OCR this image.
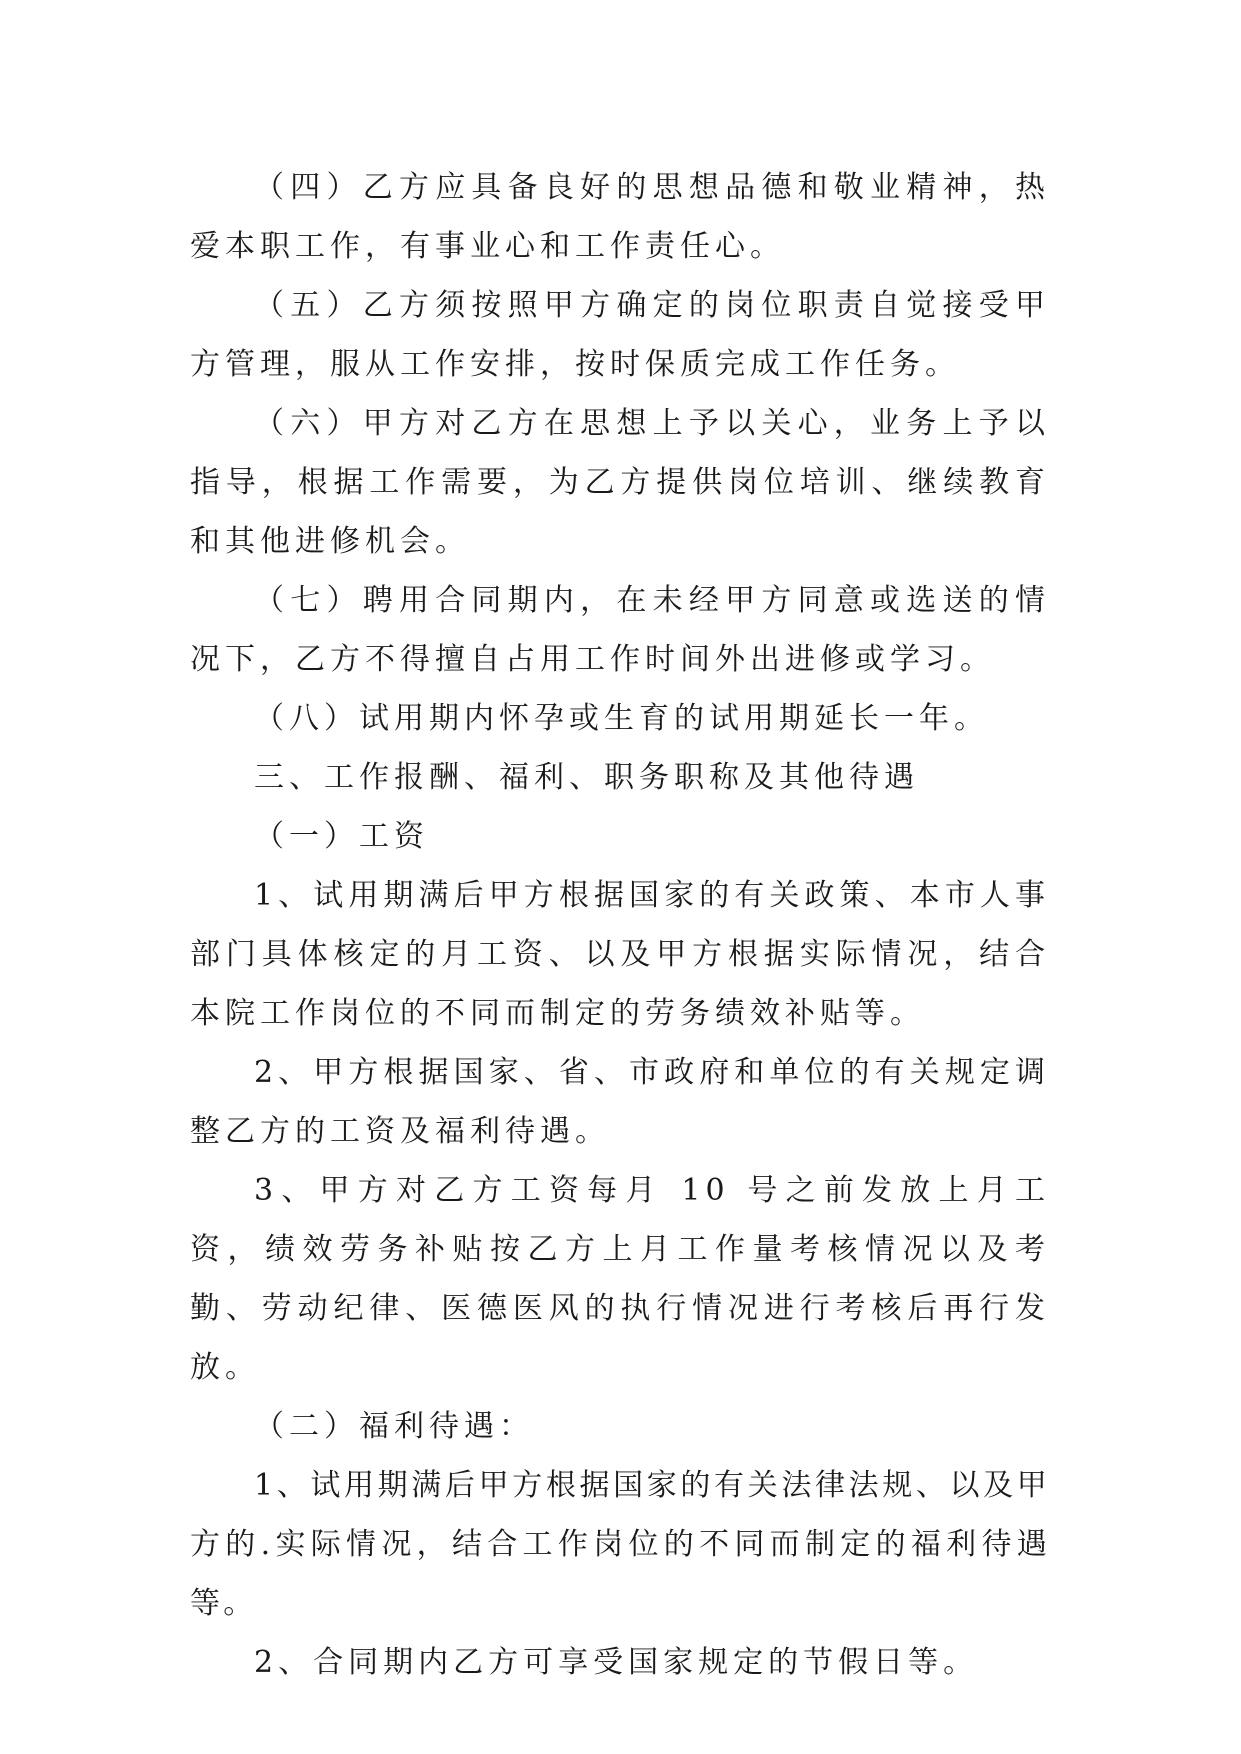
（四）乙方应具备良好的思想品德和敬业精神，热爱本职工作，有事业心和工作责任心。

（五）乙方须按照甲方确定的岗位职责自觉接受甲方管理，服从工作安排，按时保质完成工作任务。

（六）甲方对乙方在思想上予以关心，业务上予以指导，根据工作需要，为乙方提供岗位培训、继续教育和其他进修机会。

（七）聘用合同期内，在未经甲方同意或选送的情况下，乙方不得擅自占用工作时间外出进修或学习。

（八）试用期内怀孕或生育的试用期延长一年。

三、工作报酬、福利、职务职称及其他待遇

（一）工资

1、试用期满后甲方根据国家的有关政策、本市人事部门具体核定的月工资、以及甲方根据实际情况，结合本院工作岗位的不同而制定的劳务绩效补贴等。

2、甲方根据国家、省、市政府和单位的有关规定调整乙方的工资及福利待遇。

3、甲方对乙方工资每月 10 号之前发放上月工资，绩效劳务补贴按乙方上月工作量考核情况以及考勤、劳动纪律、医德医风的执行情况进行考核后再行发放。

（二）福利待遇：

1、试用期满后甲方根据国家的有关法律法规、以及甲方的.实际情况，结合工作岗位的不同而制定的福利待遇等。

2、合同期内乙方可享受国家规定的节假日等。
